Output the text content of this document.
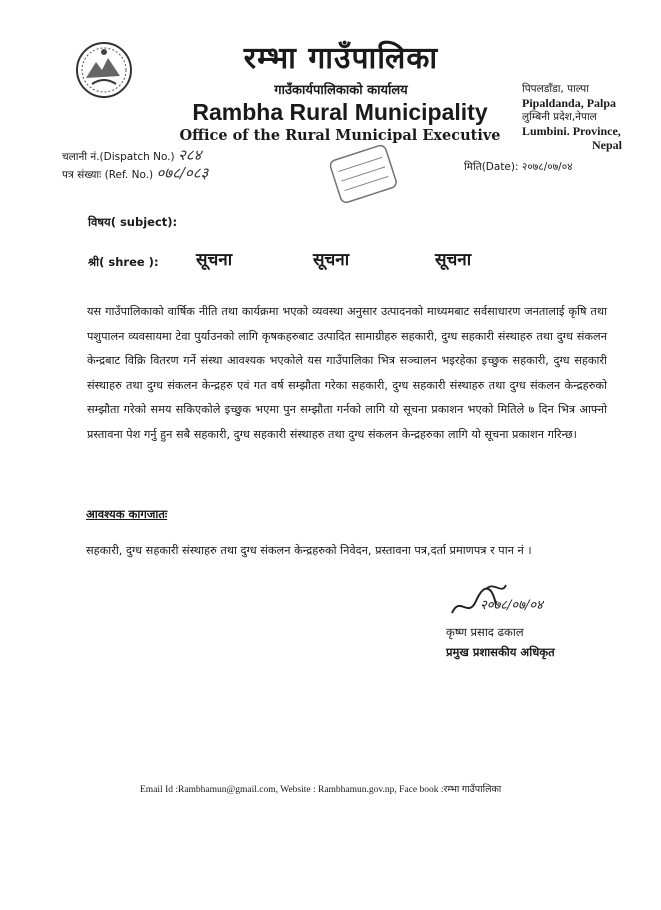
रम्भा गाउँपालिका
गाउँकार्यपालिकाको कार्यालय
Rambha Rural Municipality
Office of the Rural Municipal Executive
पिपलडाँडा, पाल्पा
Pipaldanda, Palpa
लुम्बिनी प्रदेश,नेपाल
Lumbini. Province,
Nepal
चलानी नं.(Dispatch No.) २८४
पत्र संख्याः (Ref. No.) ०७८/०८३	मिति(Date): २०७८/०७/०४
विषय( subject):
श्री( shree ): सूचना	सूचना	सूचना
यस गाउँपालिकाको वार्षिक नीति तथा कार्यक्रमा भएको व्यवस्था अनुसार उत्पादनको माध्यमबाट सर्वसाधारण जनतालाई कृषि तथा पशुपालन व्यवसायमा टेवा पुर्याउनको लागि कृषकहरुबाट उत्पादित सामाग्रीहरु सहकारी, दुग्ध सहकारी संस्थाहरु तथा दुग्ध संकलन केन्द्रबाट विक्रि वितरण गर्ने संस्था आवश्यक भएकोले यस गाउँपालिका भित्र सञ्चालन भइरहेका इच्छुक सहकारी, दुग्ध सहकारी संस्थाहरु तथा दुग्ध संकलन केन्द्रहरु एवं गत वर्ष सम्झौता गरेका सहकारी, दुग्ध सहकारी संस्थाहरु तथा दुग्ध संकलन केन्द्रहरुको सम्झौता गरेको समय सकिएकोले इच्छुक भएमा पुन सम्झौता गर्नको लागि यो सूचना प्रकाशन भएको मितिले ७ दिन भित्र आफ्नो प्रस्तावना पेश गर्नु हुन सबै सहकारी, दुग्ध सहकारी संस्थाहरु तथा दुग्ध संकलन केन्द्रहरुका लागि यो सूचना प्रकाशन गरिन्छ।
आवश्यक कागजातः
सहकारी, दुग्ध सहकारी संस्थाहरु तथा दुग्ध संकलन केन्द्रहरुको निवेदन, प्रस्तावना पत्र,दर्ता प्रमाणपत्र र पान नं ।
२०७८/०७/०४
कृष्ण प्रसाद ढकाल
प्रमुख प्रशासकीय अधिकृत
Email Id :Rambhamun@gmail.com, Website : Rambhamun.gov.np, Face book :रम्भा गाउँपालिका
